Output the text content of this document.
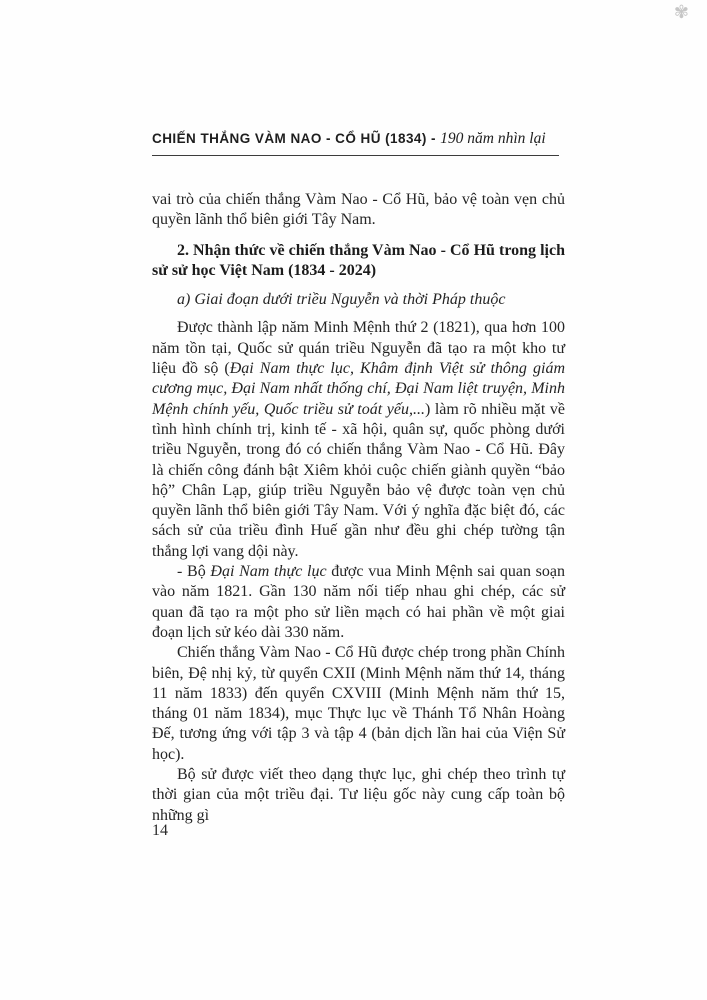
✾
CHIẾN THẮNG VÀM NAO - CỔ HŨ (1834) - 190 năm nhìn lại

vai trò của chiến thắng Vàm Nao - Cổ Hũ, bảo vệ toàn vẹn chủ quyền lãnh thổ biên giới Tây Nam.

2. Nhận thức về chiến thắng Vàm Nao - Cổ Hũ trong lịch sử sử học Việt Nam (1834 - 2024)

a) Giai đoạn dưới triều Nguyễn và thời Pháp thuộc

Được thành lập năm Minh Mệnh thứ 2 (1821), qua hơn 100 năm tồn tại, Quốc sử quán triều Nguyễn đã tạo ra một kho tư liệu đồ sộ (Đại Nam thực lục, Khâm định Việt sử thông giám cương mục, Đại Nam nhất thống chí, Đại Nam liệt truyện, Minh Mệnh chính yếu, Quốc triều sử toát yếu,...) làm rõ nhiều mặt về tình hình chính trị, kinh tế - xã hội, quân sự, quốc phòng dưới triều Nguyễn, trong đó có chiến thắng Vàm Nao - Cổ Hũ. Đây là chiến công đánh bật Xiêm khỏi cuộc chiến giành quyền “bảo hộ” Chân Lạp, giúp triều Nguyễn bảo vệ được toàn vẹn chủ quyền lãnh thổ biên giới Tây Nam. Với ý nghĩa đặc biệt đó, các sách sử của triều đình Huế gần như đều ghi chép tường tận thắng lợi vang dội này.

- Bộ Đại Nam thực lục được vua Minh Mệnh sai quan soạn vào năm 1821. Gần 130 năm nối tiếp nhau ghi chép, các sử quan đã tạo ra một pho sử liền mạch có hai phần về một giai đoạn lịch sử kéo dài 330 năm.

Chiến thắng Vàm Nao - Cổ Hũ được chép trong phần Chính biên, Đệ nhị kỷ, từ quyển CXII (Minh Mệnh năm thứ 14, tháng 11 năm 1833) đến quyển CXVIII (Minh Mệnh năm thứ 15, tháng 01 năm 1834), mục Thực lục về Thánh Tổ Nhân Hoàng Đế, tương ứng với tập 3 và tập 4 (bản dịch lần hai của Viện Sử học).

Bộ sử được viết theo dạng thực lục, ghi chép theo trình tự thời gian của một triều đại. Tư liệu gốc này cung cấp toàn bộ những gì

14
